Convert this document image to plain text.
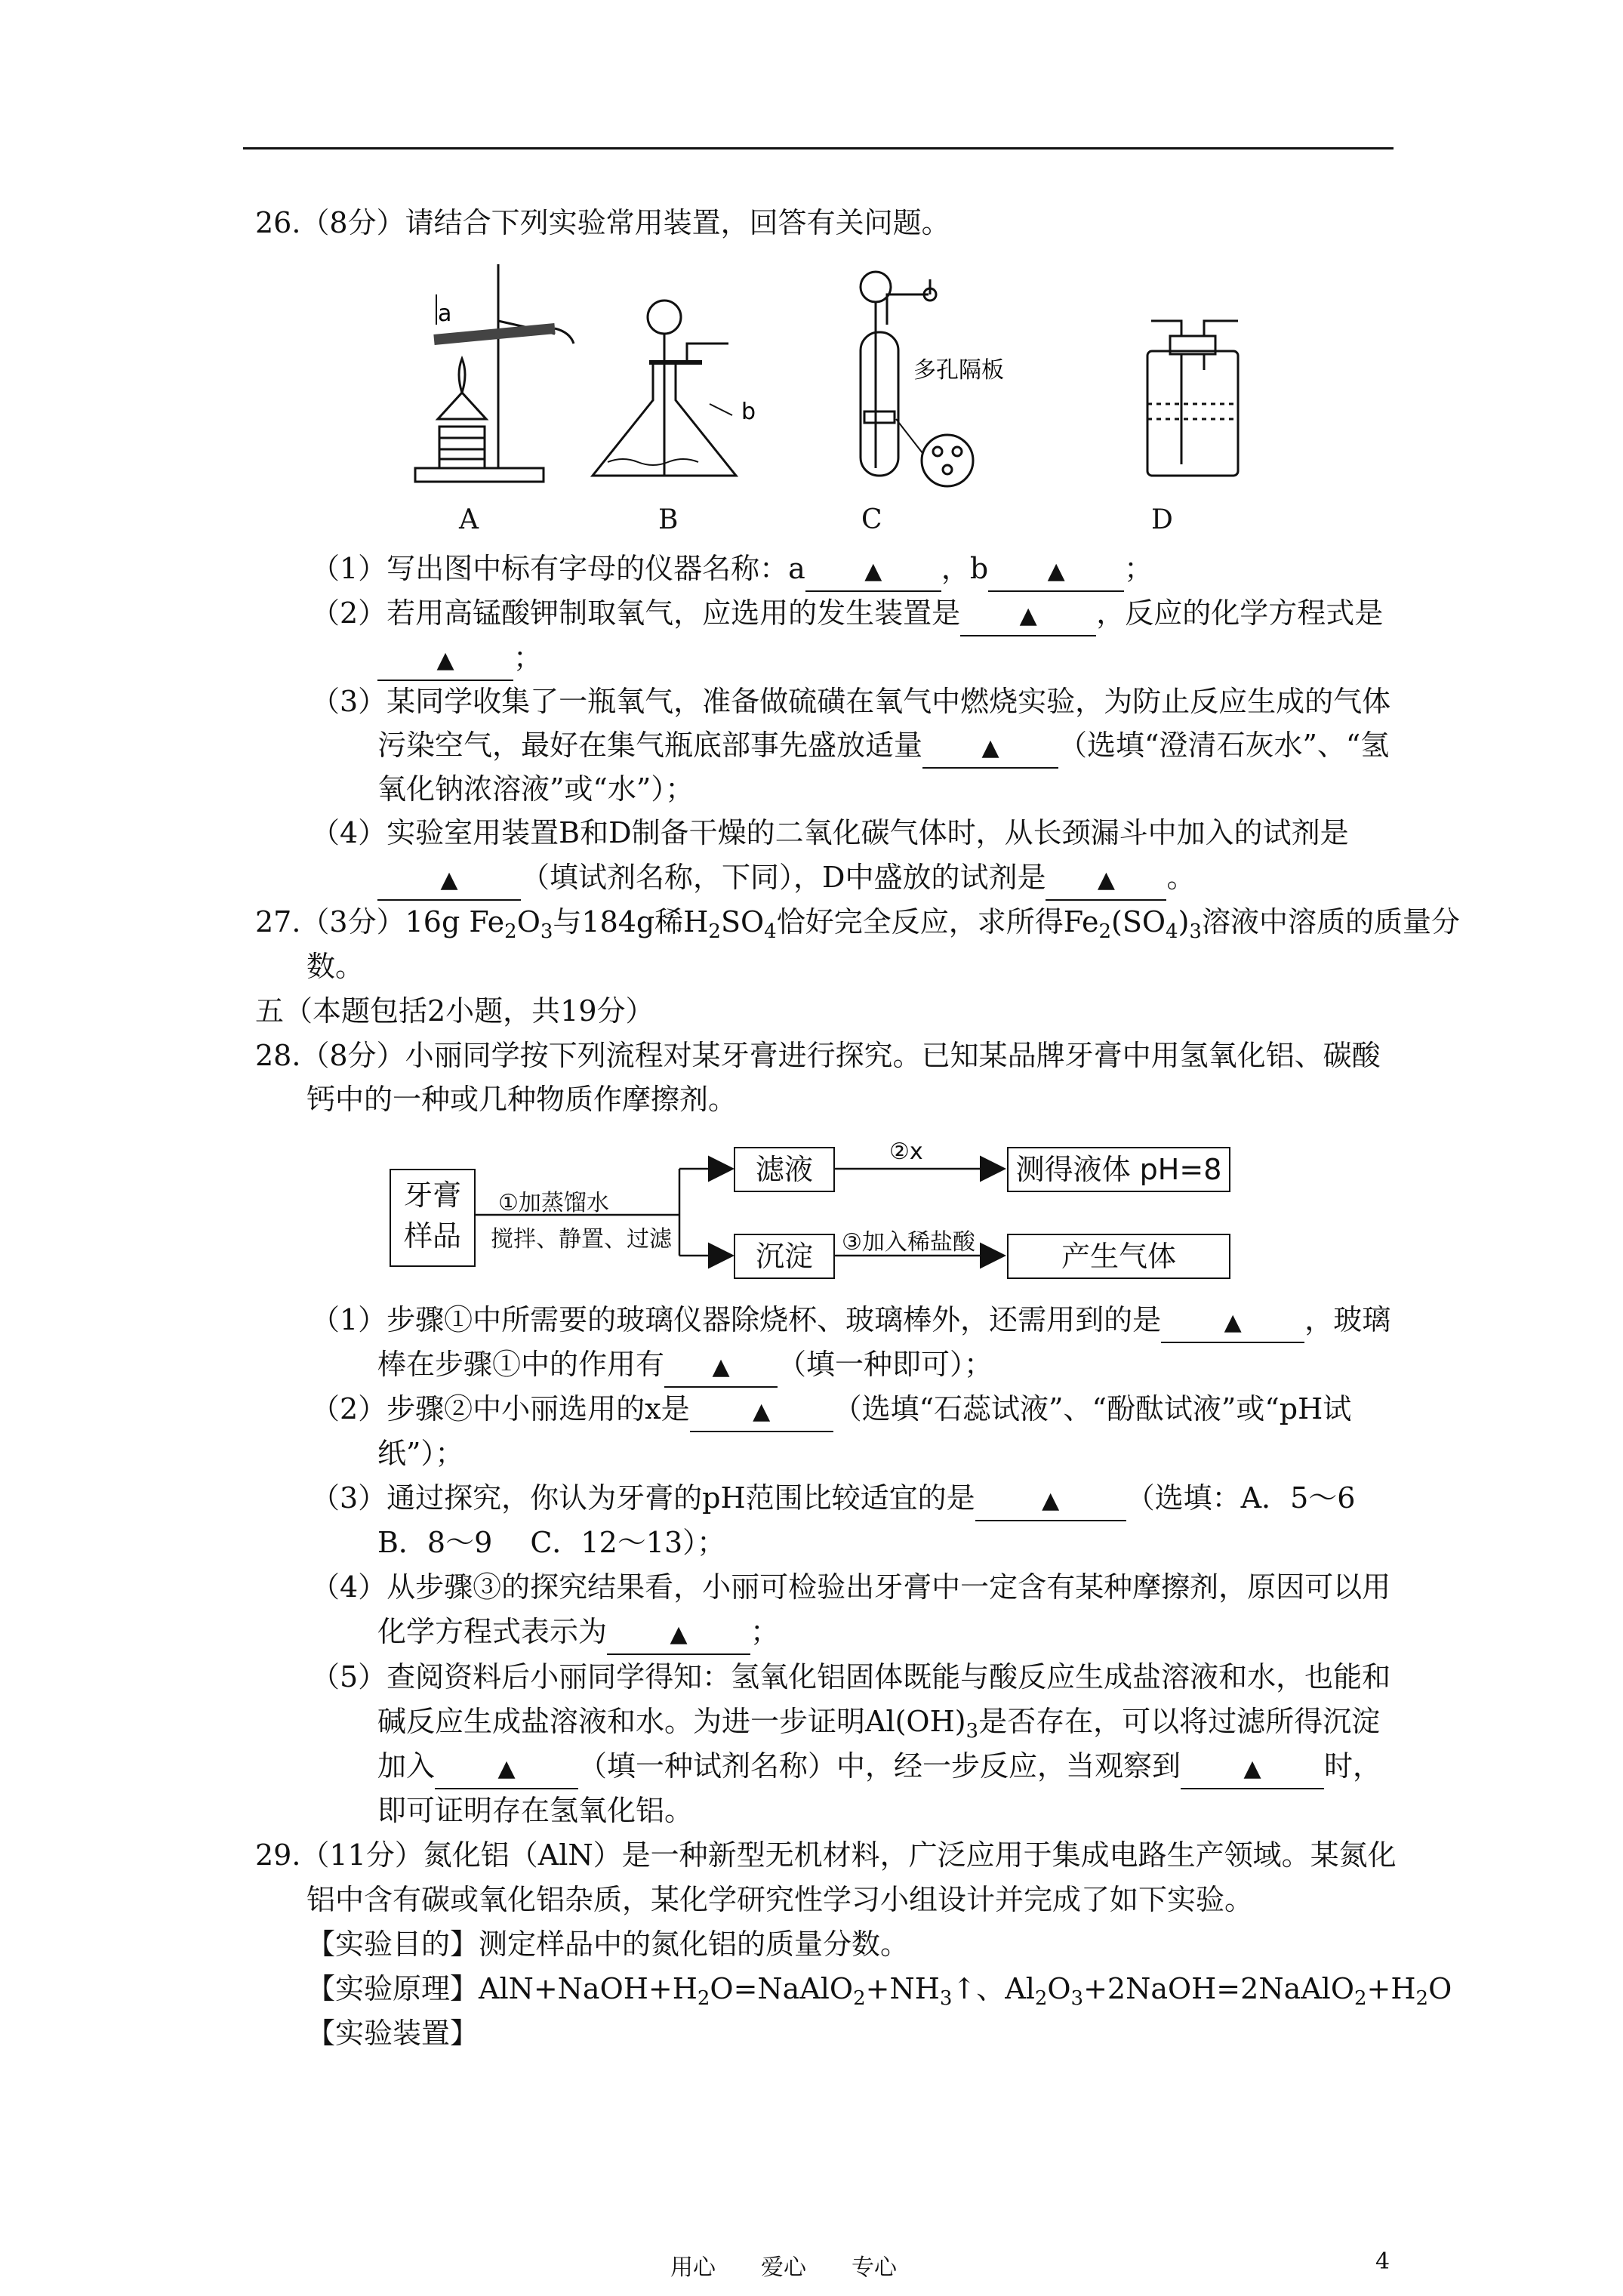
26.（8分）请结合下列实验常用装置，回答有关问题。
a
b
多孔隔板
A	B	C	D
（1）写出图中标有字母的仪器名称：a	▲ ，b	▲ ；
（2）若用高锰酸钾制取氧气，应选用的发生装置是	▲ ，反应的化学方程式是
▲ ；
（3）某同学收集了一瓶氧气，准备做硫磺在氧气中燃烧实验，为防止反应生成的气体
污染空气，最好在集气瓶底部事先盛放适量	▲ （选填“澄清石灰水”、“氢
氧化钠浓溶液”或“水”）；
（4）实验室用装置B和D制备干燥的二氧化碳气体时，从长颈漏斗中加入的试剂是
▲ （填试剂名称，下同），D中盛放的试剂是 ▲ 。
27.（3分）16g $Fe_2O_3$与184g稀$H_2SO_4$恰好完全反应，求所得$Fe_2(SO_4)_3$溶液中溶质的质量分
数。
五（本题包括2小题，共19分）
28.（8分）小丽同学按下列流程对某牙膏进行探究。已知某品牌牙膏中用氢氧化铝、碳酸
钙中的一种或几种物质作摩擦剂。
牙膏
样品
①加蒸馏水
搅拌、静置、过滤
滤液
沉淀
②x
③加入稀盐酸
测得液体 pH=8
产生气体
（1）步骤①中所需要的玻璃仪器除烧杯、玻璃棒外，还需用到的是	▲ ，玻璃
棒在步骤①中的作用有 ▲ （填一种即可）；
（2）步骤②中小丽选用的x是	▲ （选填“石蕊试液”、“酚酞试液”或“pH试
纸”）；
（3）通过探究，你认为牙膏的pH范围比较适宜的是	▲ （选填：A．5～6
B．8～9　 C．12～13）；
（4）从步骤③的探究结果看，小丽可检验出牙膏中一定含有某种摩擦剂，原因可以用
化学方程式表示为	▲ ；
（5）查阅资料后小丽同学得知：氢氧化铝固体既能与酸反应生成盐溶液和水，也能和
碱反应生成盐溶液和水。为进一步证明$Al(OH)_3$是否存在，可以将过滤所得沉淀
加入	▲ （填一种试剂名称）中，经一步反应，当观察到	▲ 时，
即可证明存在氢氧化铝。
29.（11分）氮化铝（AlN）是一种新型无机材料，广泛应用于集成电路生产领域。某氮化
铝中含有碳或氧化铝杂质，某化学研究性学习小组设计并完成了如下实验。
【实验目的】测定样品中的氮化铝的质量分数。
【实验原理】$AlN+NaOH+H_2O=NaAlO_2+NH_3↑$、$Al_2O_3+2NaOH=2NaAlO_2+H_2O$
【实验装置】
用心　　爱心　　专心	4
